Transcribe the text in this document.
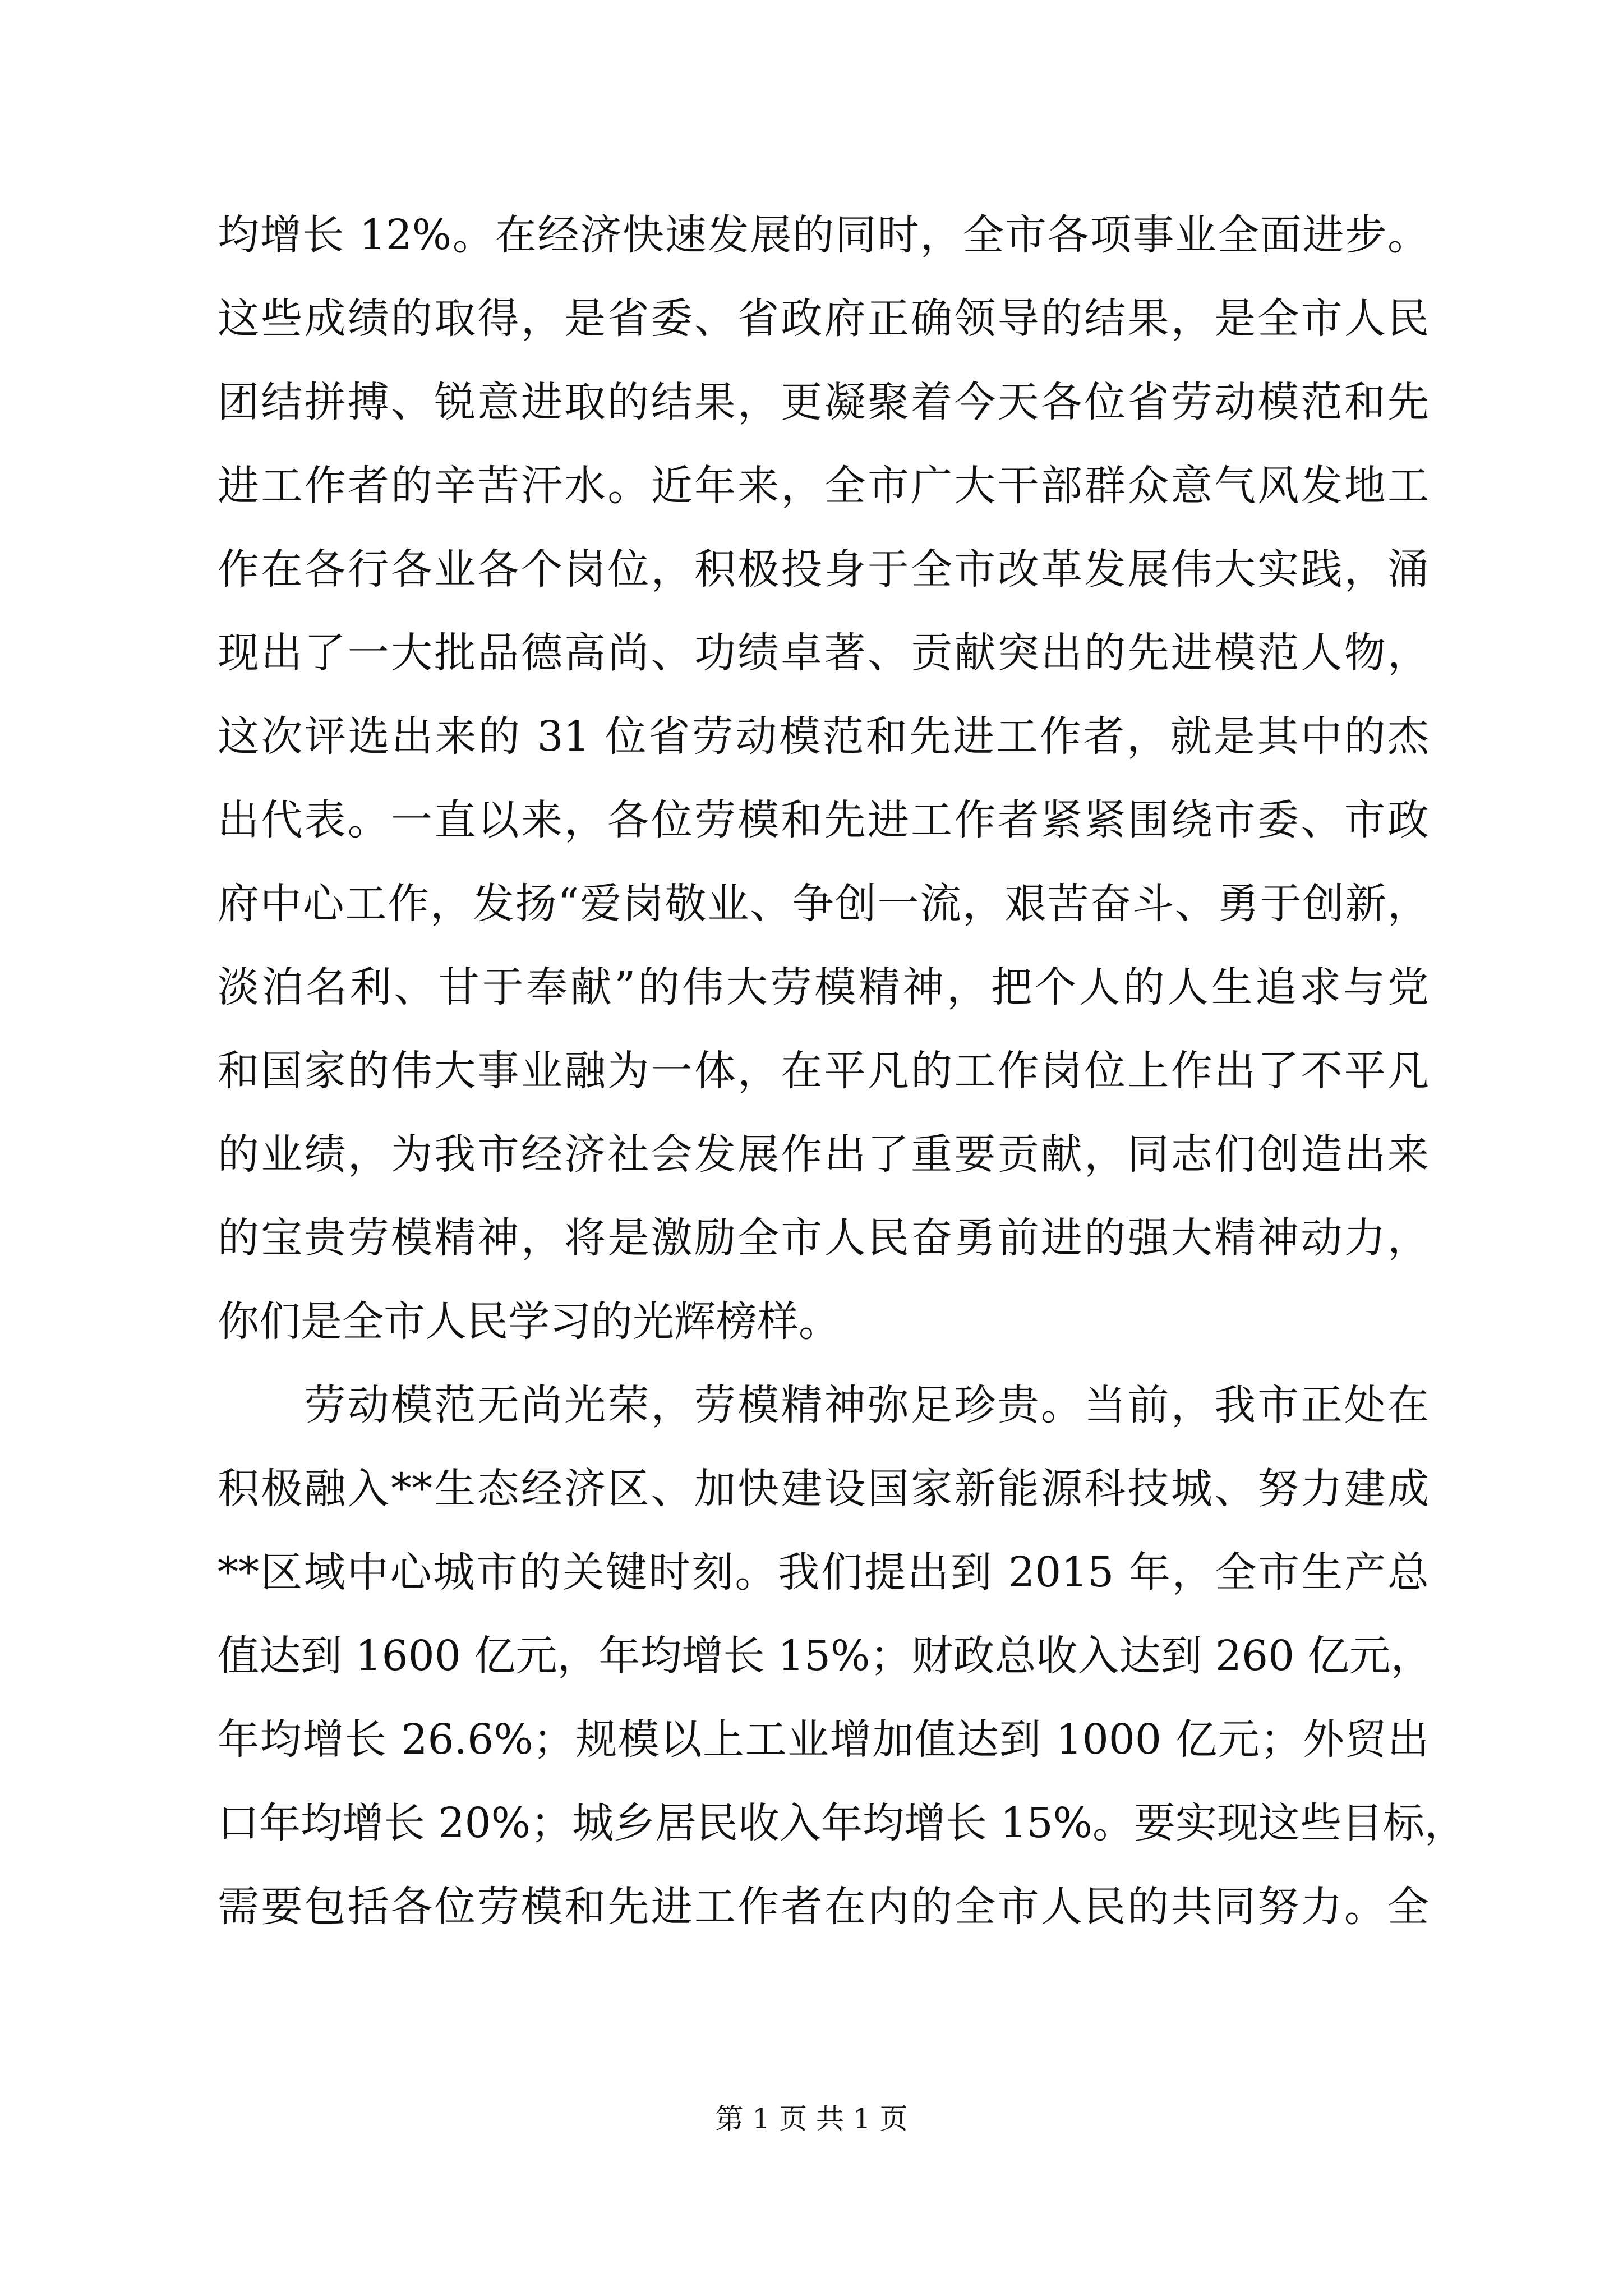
均增长 12%。在经济快速发展的同时，全市各项事业全面进步。
这些成绩的取得，是省委、省政府正确领导的结果，是全市人民
团结拼搏、锐意进取的结果，更凝聚着今天各位省劳动模范和先
进工作者的辛苦汗水。近年来，全市广大干部群众意气风发地工
作在各行各业各个岗位，积极投身于全市改革发展伟大实践，涌
现出了一大批品德高尚、功绩卓著、贡献突出的先进模范人物，
这次评选出来的 31 位省劳动模范和先进工作者，就是其中的杰
出代表。一直以来，各位劳模和先进工作者紧紧围绕市委、市政
府中心工作，发扬“爱岗敬业、争创一流，艰苦奋斗、勇于创新，
淡泊名利、甘于奉献”的伟大劳模精神，把个人的人生追求与党
和国家的伟大事业融为一体，在平凡的工作岗位上作出了不平凡
的业绩，为我市经济社会发展作出了重要贡献，同志们创造出来
的宝贵劳模精神，将是激励全市人民奋勇前进的强大精神动力，
你们是全市人民学习的光辉榜样。
　　劳动模范无尚光荣，劳模精神弥足珍贵。当前，我市正处在
积极融入**生态经济区、加快建设国家新能源科技城、努力建成
**区域中心城市的关键时刻。我们提出到 2015 年，全市生产总
值达到 1600 亿元，年均增长 15%；财政总收入达到 260 亿元，
年均增长 26.6%；规模以上工业增加值达到 1000 亿元；外贸出
口年均增长 20%；城乡居民收入年均增长 15%。要实现这些目标，
需要包括各位劳模和先进工作者在内的全市人民的共同努力。全
第 1 页 共 1 页
